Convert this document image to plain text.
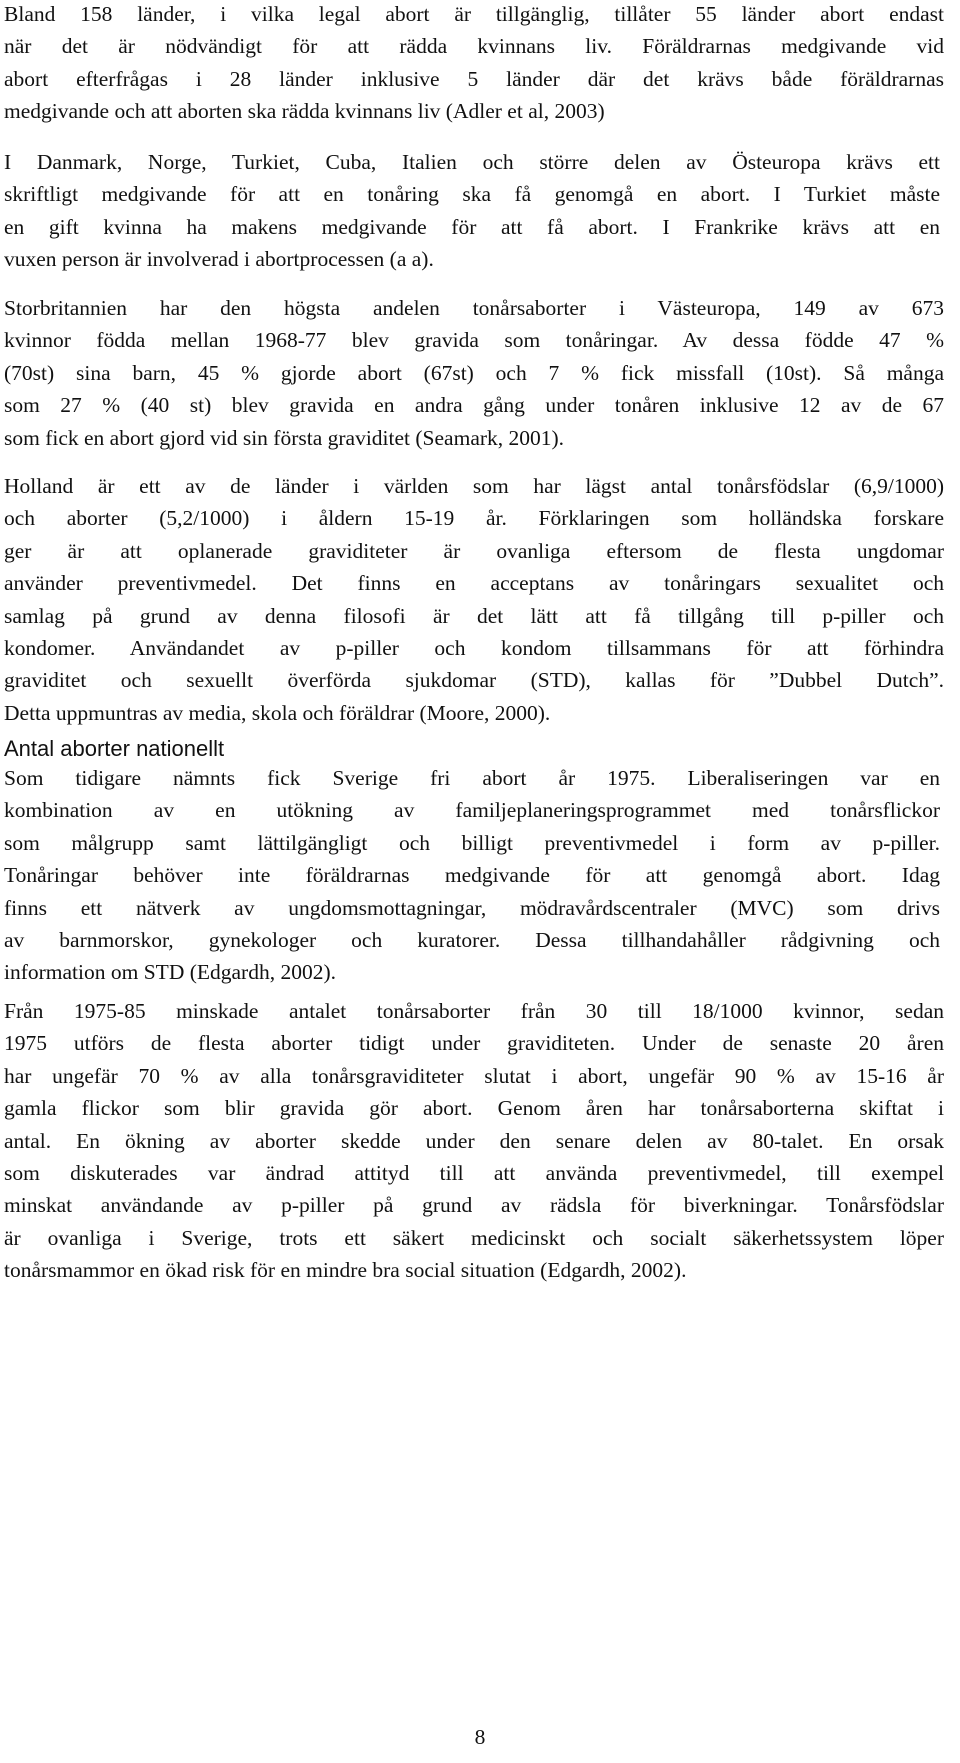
Bland 158 länder, i vilka legal abort är tillgänglig, tillåter 55 länder abort endast
när det är nödvändigt för att rädda kvinnans liv. Föräldrarnas medgivande vid
abort efterfrågas i 28 länder inklusive 5 länder där det krävs både föräldrarnas
medgivande och att aborten ska rädda kvinnans liv (Adler et al, 2003)
I Danmark, Norge, Turkiet, Cuba, Italien och större delen av Östeuropa krävs ett
skriftligt medgivande för att en tonåring ska få genomgå en abort. I Turkiet måste
en gift kvinna ha makens medgivande för att få abort. I Frankrike krävs att en
vuxen person är involverad i abortprocessen (a a).
Storbritannien har den högsta andelen tonårsaborter i Västeuropa, 149 av 673
kvinnor födda mellan 1968-77 blev gravida som tonåringar. Av dessa födde 47 %
(70st) sina barn, 45 % gjorde abort (67st) och 7 % fick missfall (10st). Så många
som 27 % (40 st) blev gravida en andra gång under tonåren inklusive 12 av de 67
som fick en abort gjord vid sin första graviditet (Seamark, 2001).
Holland är ett av de länder i världen som har lägst antal tonårsfödslar (6,9/1000)
och aborter (5,2/1000) i åldern 15-19 år. Förklaringen som holländska forskare
ger är att oplanerade graviditeter är ovanliga eftersom de flesta ungdomar
använder preventivmedel. Det finns en acceptans av tonåringars sexualitet och
samlag på grund av denna filosofi är det lätt att få tillgång till p-piller och
kondomer. Användandet av p-piller och kondom tillsammans för att förhindra
graviditet och sexuellt överförda sjukdomar (STD), kallas för ”Dubbel Dutch”.
Detta uppmuntras av media, skola och föräldrar (Moore, 2000).
Antal aborter nationellt
Som tidigare nämnts fick Sverige fri abort år 1975. Liberaliseringen var en
kombination av en utökning av familjeplaneringsprogrammet med tonårsflickor
som målgrupp samt lättilgängligt och billigt preventivmedel i form av p-piller.
Tonåringar behöver inte föräldrarnas medgivande för att genomgå abort. Idag
finns ett nätverk av ungdomsmottagningar, mödravårdscentraler (MVC) som drivs
av barnmorskor, gynekologer och kuratorer. Dessa tillhandahåller rådgivning och
information om STD (Edgardh, 2002).
Från 1975-85 minskade antalet tonårsaborter från 30 till 18/1000 kvinnor, sedan
1975 utförs de flesta aborter tidigt under graviditeten. Under de senaste 20 åren
har ungefär 70 % av alla tonårsgraviditeter slutat i abort, ungefär 90 % av 15-16 år
gamla flickor som blir gravida gör abort. Genom åren har tonårsaborterna skiftat i
antal. En ökning av aborter skedde under den senare delen av 80-talet. En orsak
som diskuterades var ändrad attityd till att använda preventivmedel, till exempel
minskat användande av p-piller på grund av rädsla för biverkningar. Tonårsfödslar
är ovanliga i Sverige, trots ett säkert medicinskt och socialt säkerhetssystem löper
tonårsmammor en ökad risk för en mindre bra social situation (Edgardh, 2002).
8
